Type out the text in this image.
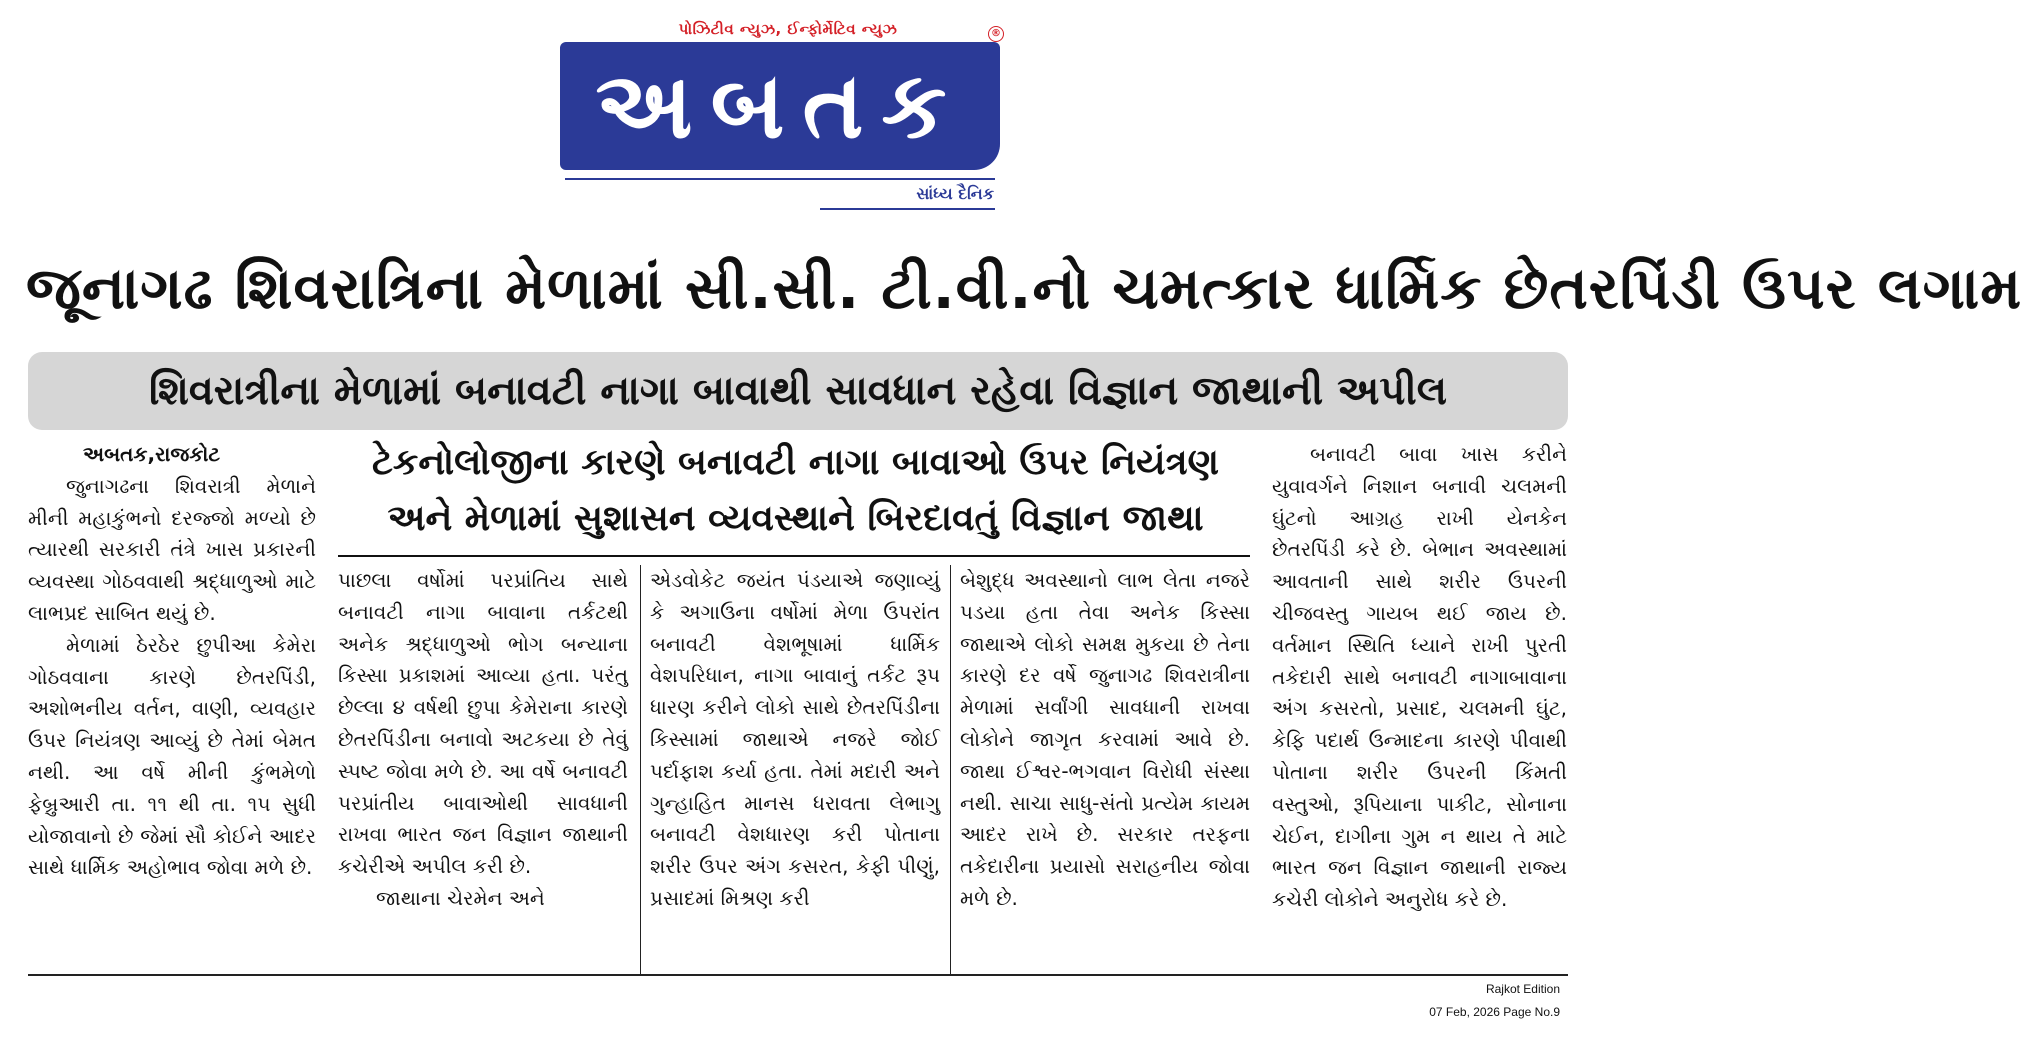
પોઝિટીવ ન્યુઝ, ઈન્ફોર્મેટિવ ન્યુઝ	®
અબતક
સાંધ્ય દૈનિક
જૂનાગઢ શિવરાત્રિના મેળામાં સી.સી. ટી.વી.નો ચમત્કાર ધાર્મિક છેતરપિંડી ઉપર લગામ
શિવરાત્રીના મેળામાં બનાવટી નાગા બાવાથી સાવધાન રહેવા વિજ્ઞાન જાથાની અપીલ

અબતક,રાજકોટ

જુનાગઢના શિવરાત્રી મેળાને મીની મહાકુંભનો દરજ્જો મળ્યો છે ત્યારથી સરકારી તંત્રે ખાસ પ્રકારની વ્યવસ્થા ગોઠવવાથી શ્રદ્ધાળુઓ માટે લાભપ્રદ સાબિત થયું છે.

મેળામાં ઠેરઠેર છુપીઆ કેમેરા ગોઠવવાના કારણે છેતરપિંડી, અશોભનીય વર્તન, વાણી, વ્યવહાર ઉપર નિયંત્રણ આવ્યું છે તેમાં બેમત નથી. આ વર્ષે મીની કુંભમેળો ફેબ્રુઆરી તા. ૧૧ થી તા. ૧૫ સુધી યોજાવાનો છે જેમાં સૌ કોઈને આદર સાથે ધાર્મિક અહોભાવ જોવા મળે છે.

ટેકનોલોજીના કારણે બનાવટી નાગા બાવાઓ ઉપર નિયંત્રણ
અને મેળામાં સુશાસન વ્યવસ્થાને બિરદાવતું વિજ્ઞાન જાથા

પાછલા વર્ષોમાં પરપ્રાંતિય સાથે બનાવટી નાગા બાવાના તર્કટથી અનેક શ્રદ્ધાળુઓ ભોગ બન્યાના કિસ્સા પ્રકાશમાં આવ્યા હતા. પરંતુ છેલ્લા ૪ વર્ષથી છુપા કેમેરાના કારણે છેતરપિંડીના બનાવો અટકયા છે તેવું સ્પષ્ટ જોવા મળે છે. આ વર્ષે બનાવટી પરપ્રાંતીય બાવાઓથી સાવધાની રાખવા ભારત જન વિજ્ઞાન જાથાની કચેરીએ અપીલ કરી છે.

જાથાના ચેરમેન અને

એડવોકેટ જયંત પંડયાએ જણાવ્યું કે અગાઉના વર્ષોમાં મેળા ઉપરાંત બનાવટી વેશભૂષામાં ધાર્મિક વેશપરિધાન, નાગા બાવાનું તર્કટ રૂપ ધારણ કરીને લોકો સાથે છેતરપિંડીના કિસ્સામાં જાથાએ નજરે જોઈ પર્દાફાશ કર્યા હતા. તેમાં મદારી અને ગુન્હાહિત માનસ ધરાવતા લેભાગુ બનાવટી વેશધારણ કરી પોતાના શરીર ઉપર અંગ કસરત, કેફી પીણું, પ્રસાદમાં મિશ્રણ કરી

બેશુદ્ધ અવસ્થાનો લાભ લેતા નજરે પડયા હતા તેવા અનેક કિસ્સા જાથાએ લોકો સમક્ષ મુકયા છે તેના કારણે દર વર્ષે જુનાગઢ શિવરાત્રીના મેળામાં સર્વાંગી સાવધાની રાખવા લોકોને જાગૃત કરવામાં આવે છે. જાથા ઈશ્વર-ભગવાન વિરોધી સંસ્થા નથી. સાચા સાધુ-સંતો પ્રત્યેમ કાયમ આદર રાખે છે. સરકાર તરફના તકેદારીના પ્રયાસો સરાહનીય જોવા મળે છે.

બનાવટી બાવા ખાસ કરીને યુવાવર્ગને નિશાન બનાવી ચલમની ઘુંટનો આગ્રહ રાખી યેનકેન છેતરપિંડી કરે છે. બેભાન અવસ્થામાં આવતાની સાથે શરીર ઉપરની ચીજવસ્તુ ગાયબ થઈ જાય છે. વર્તમાન સ્થિતિ ધ્યાને રાખી પુરતી તકેદારી સાથે બનાવટી નાગાબાવાના અંગ કસરતો, પ્રસાદ, ચલમની ઘુંટ, કેફિ પદાર્થ ઉન્માદના કારણે પીવાથી પોતાના શરીર ઉપરની કિંમતી વસ્તુઓ, રૂપિયાના પાકીટ, સોનાના ચેઈન, દાગીના ગુમ ન થાય તે માટે ભારત જન વિજ્ઞાન જાથાની રાજ્ય કચેરી લોકોને અનુરોધ કરે છે.

Rajkot Edition
07 Feb, 2026 Page No.9
